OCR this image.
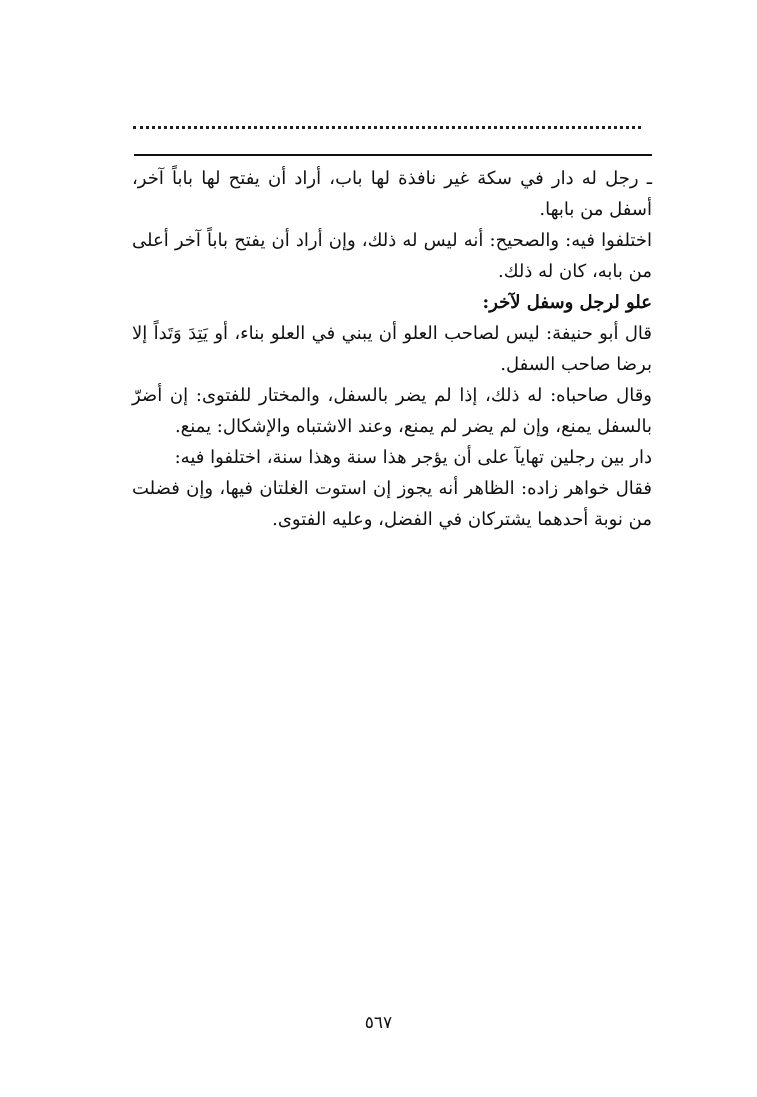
ـ رجل له دار في سكة غير نافذة لها باب، أراد أن يفتح لها باباً آخر، أسفل من بابها.

اختلفوا فيه: والصحيح: أنه ليس له ذلك، وإن أراد أن يفتح باباً آخر أعلى من بابه، كان له ذلك.

علو لرجل وسفل لآخر:

قال أبو حنيفة: ليس لصاحب العلو أن يبني في العلو بناء، أو يَتِدَ وَتَداً إلا برضا صاحب السفل.

وقال صاحباه: له ذلك، إذا لم يضر بالسفل، والمختار للفتوى: إن أضرّ بالسفل يمنع، وإن لم يضر لم يمنع، وعند الاشتباه والإشكال: يمنع.

دار بين رجلين تهايآ على أن يؤجر هذا سنة وهذا سنة، اختلفوا فيه:

فقال خواهر زاده: الظاهر أنه يجوز إن استوت الغلتان فيها، وإن فضلت من نوبة أحدهما يشتركان في الفضل، وعليه الفتوى.

٥٦٧
